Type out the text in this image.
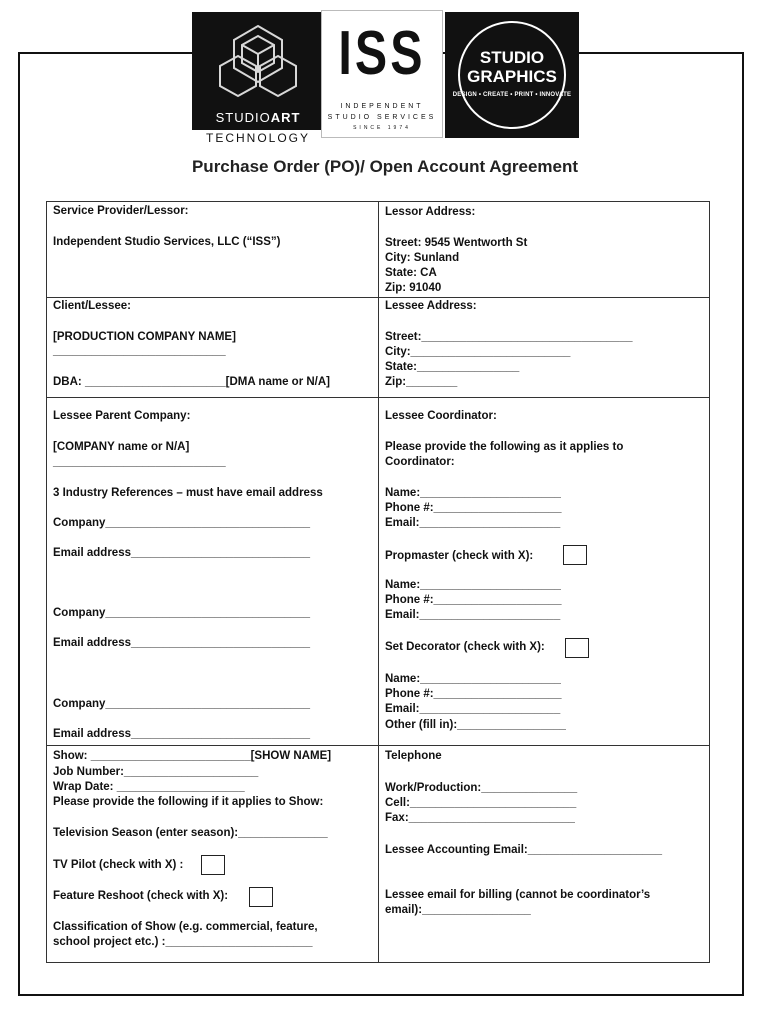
STUDIOART
TECHNOLOGY
ISS
INDEPENDENT
STUDIO SERVICES
SINCE 1974
STUDIO
GRAPHICS
DESIGN • CREATE • PRINT • INNOVATE
Purchase Order (PO)/ Open Account Agreement
Service Provider/Lessor:
Independent Studio Services, LLC (“ISS”)
Lessor Address:
Street: 9545 Wentworth St
City: Sunland
State: CA
Zip: 91040
Client/Lessee:
[PRODUCTION COMPANY NAME]
___________________________
DBA: ______________________[DMA name or N/A]
Lessee Address:
Street:_________________________________
City:_________________________
State:________________
Zip:________
Lessee Parent Company:
[COMPANY name or N/A]
___________________________
3 Industry References – must have email address
Company________________________________
Email address____________________________
Company________________________________
Email address____________________________
Company________________________________
Email address____________________________
Lessee Coordinator:
Please provide the following as it applies to
Coordinator:
Name:______________________
Phone #:____________________
Email:______________________
Propmaster (check with X):
Name:______________________
Phone #:____________________
Email:______________________
Set Decorator (check with X):
Name:______________________
Phone #:____________________
Email:______________________
Other (fill in):_________________
Show: _________________________[SHOW NAME]
Job Number:_____________________
Wrap Date: ____________________
Please provide the following if it applies to Show:
Television Season (enter season):______________
TV Pilot (check with X) :
Feature Reshoot (check with X):
Classification of Show (e.g. commercial, feature,
school project etc.) :_______________________
Telephone
Work/Production:_______________
Cell:__________________________
Fax:__________________________
Lessee Accounting Email:_____________________
Lessee email for billing (cannot be coordinator’s
email):_________________
